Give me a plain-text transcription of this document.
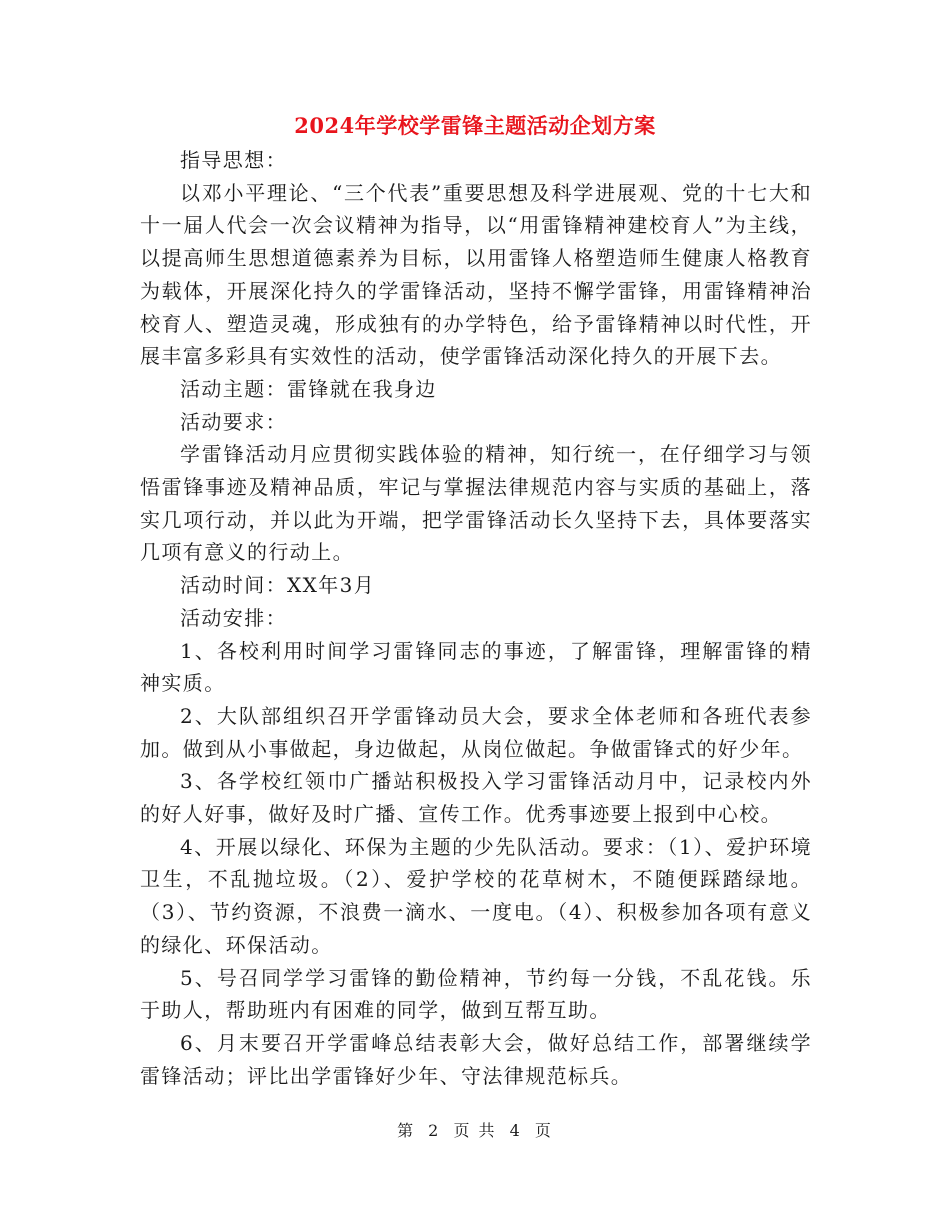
2024年学校学雷锋主题活动企划方案

指导思想：

以邓小平理论、“三个代表”重要思想及科学进展观、党的十七大和十一届人代会一次会议精神为指导，以“用雷锋精神建校育人”为主线，以提高师生思想道德素养为目标，以用雷锋人格塑造师生健康人格教育为载体，开展深化持久的学雷锋活动，坚持不懈学雷锋，用雷锋精神治校育人、塑造灵魂，形成独有的办学特色，给予雷锋精神以时代性，开展丰富多彩具有实效性的活动，使学雷锋活动深化持久的开展下去。

活动主题：雷锋就在我身边

活动要求：

学雷锋活动月应贯彻实践体验的精神，知行统一，在仔细学习与领悟雷锋事迹及精神品质，牢记与掌握法律规范内容与实质的基础上，落实几项行动，并以此为开端，把学雷锋活动长久坚持下去，具体要落实几项有意义的行动上。

活动时间：XX年3月

活动安排：

1、各校利用时间学习雷锋同志的事迹，了解雷锋，理解雷锋的精神实质。

2、大队部组织召开学雷锋动员大会，要求全体老师和各班代表参加。做到从小事做起，身边做起，从岗位做起。争做雷锋式的好少年。

3、各学校红领巾广播站积极投入学习雷锋活动月中，记录校内外的好人好事，做好及时广播、宣传工作。优秀事迹要上报到中心校。

4、开展以绿化、环保为主题的少先队活动。要求：（1）、爱护环境卫生，不乱抛垃圾。（2）、爱护学校的花草树木，不随便踩踏绿地。（3）、节约资源，不浪费一滴水、一度电。（4）、积极参加各项有意义的绿化、环保活动。

5、号召同学学习雷锋的勤俭精神，节约每一分钱，不乱花钱。乐于助人，帮助班内有困难的同学，做到互帮互助。

6、月末要召开学雷峰总结表彰大会，做好总结工作，部署继续学雷锋活动；评比出学雷锋好少年、守法律规范标兵。

第 2 页 共 4 页
